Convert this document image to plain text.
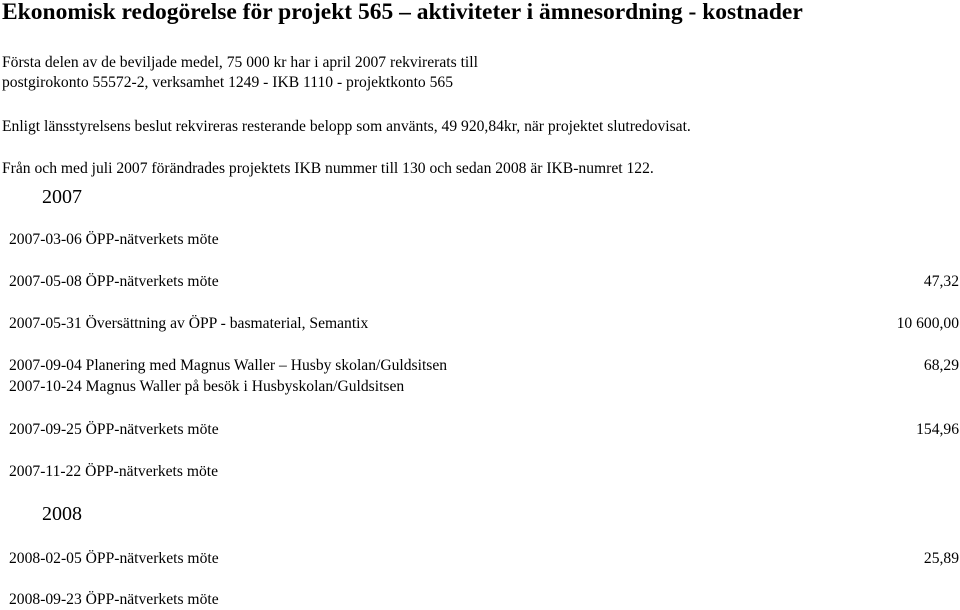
Ekonomisk redogörelse för projekt 565 – aktiviteter i ämnesordning - kostnader
Första delen av de beviljade medel, 75 000 kr har i april 2007 rekvirerats till
postgirokonto 55572-2, verksamhet 1249 - IKB 1110 - projektkonto 565
Enligt länsstyrelsens beslut rekvireras resterande belopp som använts, 49 920,84kr, när projektet slutredovisat.
Från och med juli 2007 förändrades projektets IKB nummer till 130 och sedan 2008 är IKB-numret 122.
2007
2007-03-06 ÖPP-nätverkets möte
2007-05-08 ÖPP-nätverkets möte	47,32
2007-05-31 Översättning av ÖPP - basmaterial, Semantix	10 600,00
2007-09-04 Planering med Magnus Waller – Husby skolan/Guldsitsen	68,29
2007-10-24 Magnus Waller på besök i Husbyskolan/Guldsitsen
2007-09-25 ÖPP-nätverkets möte	154,96
2007-11-22 ÖPP-nätverkets möte
2008
2008-02-05 ÖPP-nätverkets möte	25,89
2008-09-23 ÖPP-nätverkets möte
